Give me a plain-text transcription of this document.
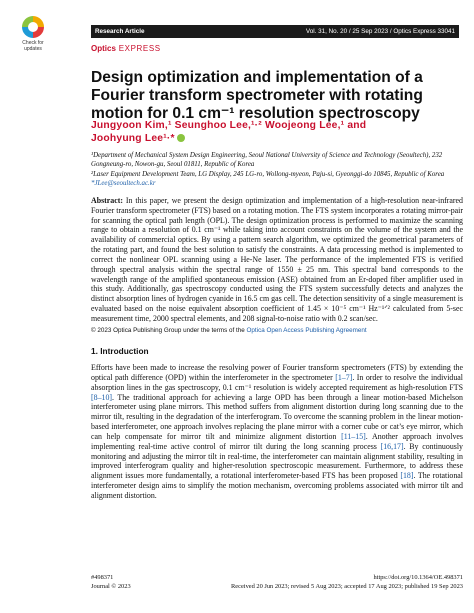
Check for
updates
Research Article	Vol. 31, No. 20 / 25 Sep 2023 / Optics Express 33041
Optics EXPRESS
Design optimization and implementation of a Fourier transform spectrometer with rotating motion for 0.1 cm⁻¹ resolution spectroscopy
Jungyoon Kim,¹ Seunghoo Lee,¹·² Woojeong Lee,¹ and
Joohyung Lee¹·*
¹Department of Mechanical System Design Engineering, Seoul National University of Science and Technology (Seoultech), 232 Gongneung-ro, Nowon-gu, Seoul 01811, Republic of Korea
²Laser Equipment Development Team, LG Display, 245 LG-ro, Wollong-myeon, Paju-si, Gyeonggi-do 10845, Republic of Korea
*JLee@seoultech.ac.kr
Abstract: In this paper, we present the design optimization and implementation of a high-resolution near-infrared Fourier transform spectrometer (FTS) based on a rotating motion. The FTS system incorporates a rotating mirror-pair for scanning the optical path length (OPL). The design optimization process is performed to maximize the scanning range to obtain a resolution of 0.1 cm⁻¹ while taking into account constraints on the volume of the system and the availability of commercial optics. By using a pattern search algorithm, we optimized the geometrical parameters of the rotating part, and found the best solution to satisfy the constraints. A data processing method is implemented to correct the nonlinear OPL scanning using a He-Ne laser. The performance of the implemented FTS is verified through spectral analysis within the spectral range of 1550 ± 25 nm. This spectral band corresponds to the wavelength range of the amplified spontaneous emission (ASE) obtained from an Er-doped fiber amplifier used in this study. Additionally, gas spectroscopy conducted using the FTS system successfully detects and analyzes the distinct absorption lines of hydrogen cyanide in 16.5 cm gas cell. The detection sensitivity of a single measurement is evaluated based on the noise equivalent absorption coefficient of 1.45 × 10⁻⁵ cm⁻¹ Hz⁻¹ᐟ² calculated from 5-sec measurement time, 2000 spectral elements, and 208 signal-to-noise ratio with 0.2 scan/sec.
© 2023 Optica Publishing Group under the terms of the Optica Open Access Publishing Agreement
1. Introduction
Efforts have been made to increase the resolving power of Fourier transform spectrometers (FTS) by extending the optical path difference (OPD) within the interferometer in the spectrometer [1–7]. In order to resolve the individual absorption lines in the gas spectroscopy, 0.1 cm⁻¹ resolution is widely accepted requirement as high-resolution FTS [8–10]. The traditional approach for achieving a large OPD has been through a linear motion-based Michelson interferometer using plane mirrors. This method suffers from alignment distortion during long scanning due to the mirror tilt, resulting in the degradation of the interferogram. To overcome the scanning problem in the linear motion-based interferometer, one approach involves replacing the plane mirror with a corner cube or cat’s eye mirror, which can help compensate for mirror tilt and minimize alignment distortion [11–15]. Another approach involves implementing real-time active control of mirror tilt during the long scanning process [16,17]. By continuously monitoring and adjusting the mirror tilt in real-time, the interferometer can maintain alignment stability, resulting in improved interferogram quality and higher-resolution spectroscopic measurement. Furthermore, to address these alignment issues more fundamentally, a rotational interferometer-based FTS has been proposed [18]. The rotational interferometer design aims to simplify the motion mechanism, overcoming problems associated with mirror tilt and alignment distortion.
#498371
Journal © 2023
https://doi.org/10.1364/OE.498371
Received 20 Jun 2023; revised 5 Aug 2023; accepted 17 Aug 2023; published 19 Sep 2023
